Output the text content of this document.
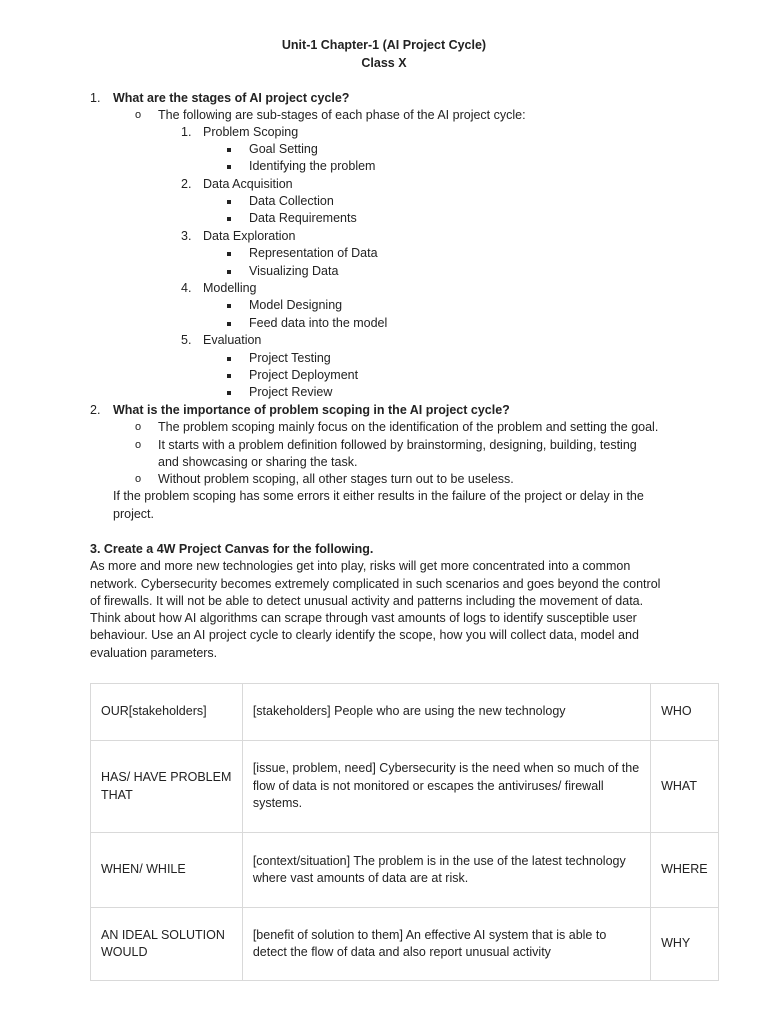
Unit-1 Chapter-1 (AI Project Cycle)
Class X
1. What are the stages of AI project cycle?
o The following are sub-stages of each phase of the AI project cycle:
1. Problem Scoping
Goal Setting
Identifying the problem
2. Data Acquisition
Data Collection
Data Requirements
3. Data Exploration
Representation of Data
Visualizing Data
4. Modelling
Model Designing
Feed data into the model
5. Evaluation
Project Testing
Project Deployment
Project Review
2. What is the importance of problem scoping in the AI project cycle?
o The problem scoping mainly focus on the identification of the problem and setting the goal.
o It starts with a problem definition followed by brainstorming, designing, building, testing
and showcasing or sharing the task.
o Without problem scoping, all other stages turn out to be useless.
If the problem scoping has some errors it either results in the failure of the project or delay in the
project.
3. Create a 4W Project Canvas for the following.
As more and more new technologies get into play, risks will get more concentrated into a common
network. Cybersecurity becomes extremely complicated in such scenarios and goes beyond the control
of firewalls. It will not be able to detect unusual activity and patterns including the movement of data.
Think about how AI algorithms can scrape through vast amounts of logs to identify susceptible user
behaviour. Use an AI project cycle to clearly identify the scope, how you will collect data, model and
evaluation parameters.
OUR[stakeholders]	[stakeholders] People who are using the new technology	WHO
HAS/ HAVE PROBLEM THAT	[issue, problem, need] Cybersecurity is the need when so much of the flow of data is not monitored or escapes the antiviruses/ firewall systems.	WHAT
WHEN/ WHILE	[context/situation] The problem is in the use of the latest technology where vast amounts of data are at risk.	WHERE
AN IDEAL SOLUTION WOULD	[benefit of solution to them] An effective AI system that is able to detect the flow of data and also report unusual activity	WHY
